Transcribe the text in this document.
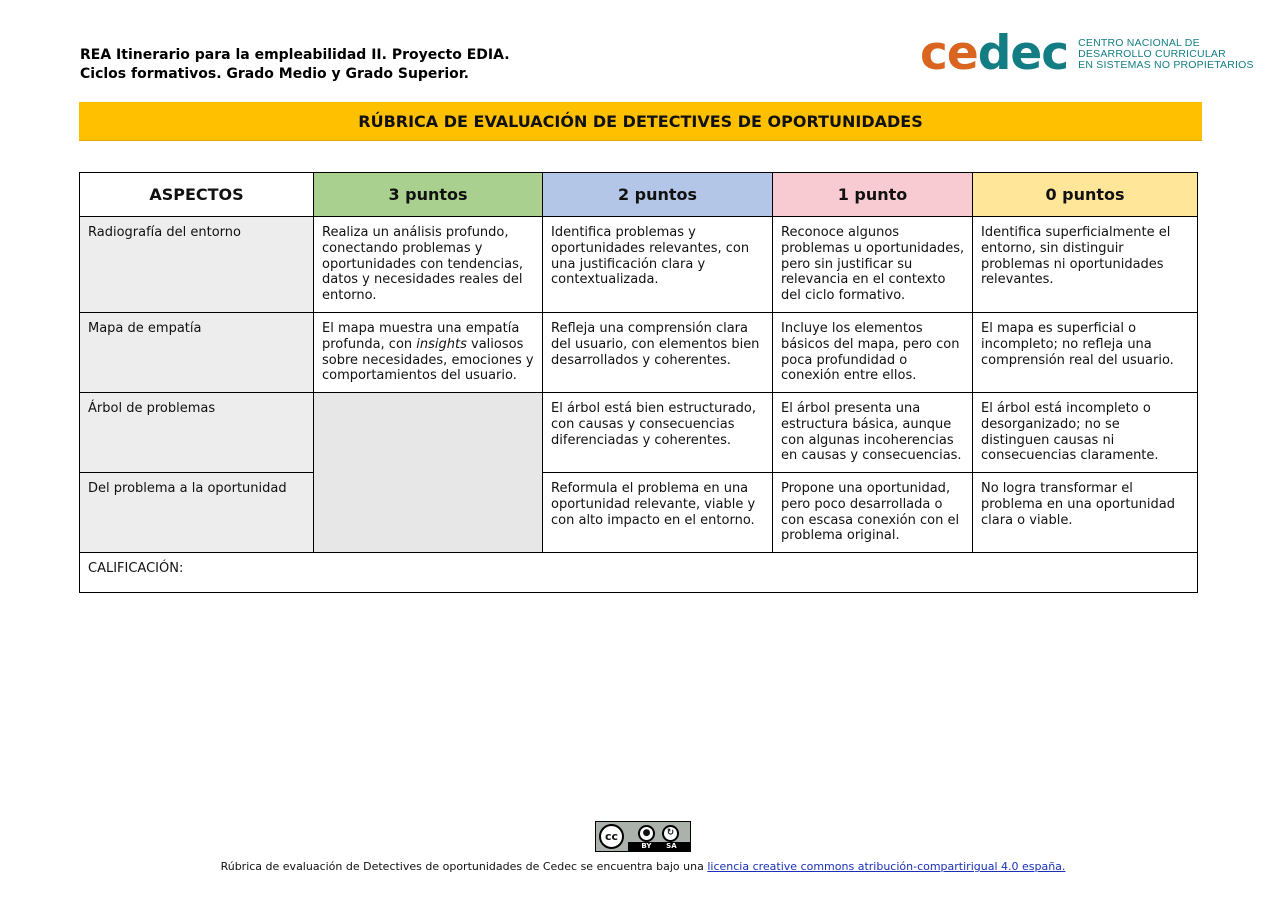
REA Itinerario para la empleabilidad II. Proyecto EDIA.
Ciclos formativos. Grado Medio y Grado Superior.	cedec CENTRO NACIONAL DE
DESARROLLO CURRICULAR
EN SISTEMAS NO PROPIETARIOS
RÚBRICA DE EVALUACIÓN DE DETECTIVES DE OPORTUNIDADES
ASPECTOS	3 puntos	2 puntos	1 punto	0 puntos
Radiografía del entorno	Realiza un análisis profundo, conectando problemas y oportunidades con tendencias, datos y necesidades reales del entorno.	Identifica problemas y oportunidades relevantes, con una justificación clara y contextualizada.	Reconoce algunos problemas u oportunidades, pero sin justificar su relevancia en el contexto del ciclo formativo.	Identifica superficialmente el entorno, sin distinguir problemas ni oportunidades relevantes.
Mapa de empatía	El mapa muestra una empatía profunda, con insights valiosos sobre necesidades, emociones y comportamientos del usuario.	Refleja una comprensión clara del usuario, con elementos bien desarrollados y coherentes.	Incluye los elementos básicos del mapa, pero con poca profundidad o conexión entre ellos.	El mapa es superficial o incompleto; no refleja una comprensión real del usuario.
Árbol de problemas		El árbol está bien estructurado, con causas y consecuencias diferenciadas y coherentes.	El árbol presenta una estructura básica, aunque con algunas incoherencias en causas y consecuencias.	El árbol está incompleto o desorganizado; no se distinguen causas ni consecuencias claramente.
Del problema a la oportunidad		Reformula el problema en una oportunidad relevante, viable y con alto impacto en el entorno.	Propone una oportunidad, pero poco desarrollada o con escasa conexión con el problema original.	No logra transformar el problema en una oportunidad clara o viable.
CALIFICACIÓN:				
cc	●	↻
BY SA
Rúbrica de evaluación de Detectives de oportunidades de Cedec se encuentra bajo una licencia creative commons atribución-compartirigual 4.0 españa.
